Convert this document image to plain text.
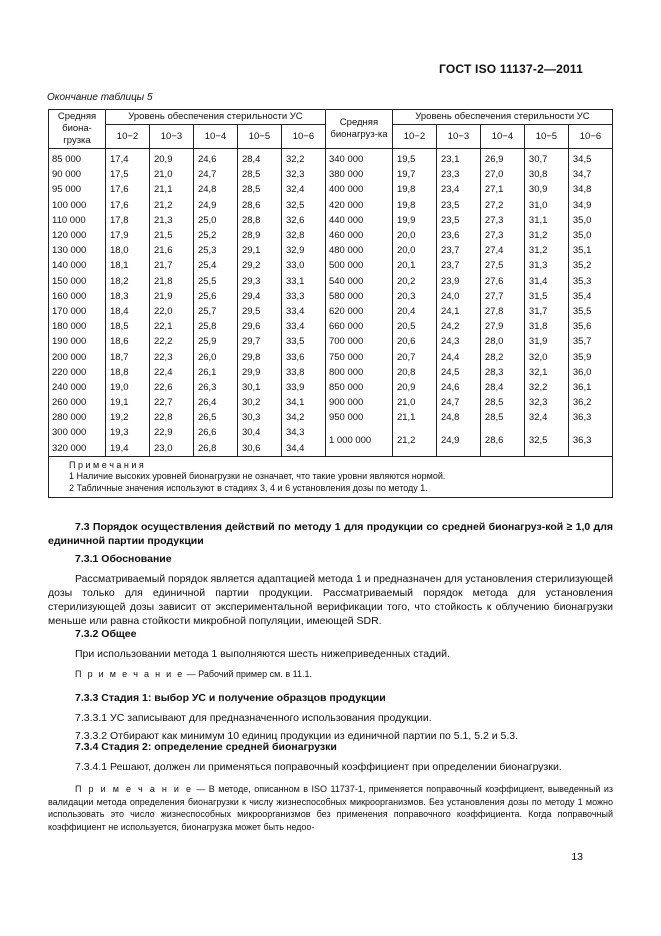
ГОСТ ISO 11137-2—2011
Окончание таблицы 5
Средняя биона-грузка	Уровень обеспечения стерильности УС					Средняя бионагруз-ка	Уровень обеспечения стерильности УС				
	10−2	10−3	10−4	10−5	10−6		10−2	10−3	10−4	10−5	10−6
85 000	17,4	20,9	24,6	28,4	32,2	340 000	19,5	23,1	26,9	30,7	34,5
90 000	17,5	21,0	24,7	28,5	32,3	380 000	19,7	23,3	27,0	30,8	34,7
95 000	17,6	21,1	24,8	28,5	32,4	400 000	19,8	23,4	27,1	30,9	34,8
100 000	17,6	21,2	24,9	28,6	32,5	420 000	19,8	23,5	27,2	31,0	34,9
110 000	17,8	21,3	25,0	28,8	32,6	440 000	19,9	23,5	27,3	31,1	35,0
120 000	17,9	21,5	25,2	28,9	32,8	460 000	20,0	23,6	27,3	31,2	35,0
130 000	18,0	21,6	25,3	29,1	32,9	480 000	20,0	23,7	27,4	31,2	35,1
140 000	18,1	21,7	25,4	29,2	33,0	500 000	20,1	23,7	27,5	31,3	35,2
150 000	18,2	21,8	25,5	29,3	33,1	540 000	20,2	23,9	27,6	31,4	35,3
160 000	18,3	21,9	25,6	29,4	33,3	580 000	20,3	24,0	27,7	31,5	35,4
170 000	18,4	22,0	25,7	29,5	33,4	620 000	20,4	24,1	27,8	31,7	35,5
180 000	18,5	22,1	25,8	29,6	33,4	660 000	20,5	24,2	27,9	31,8	35,6
190 000	18,6	22,2	25,9	29,7	33,5	700 000	20,6	24,3	28,0	31,9	35,7
200 000	18,7	22,3	26,0	29,8	33,6	750 000	20,7	24,4	28,2	32,0	35,9
220 000	18,8	22,4	26,1	29,9	33,8	800 000	20,8	24,5	28,3	32,1	36,0
240 000	19,0	22,6	26,3	30,1	33,9	850 000	20,9	24,6	28,4	32,2	36,1
260 000	19,1	22,7	26,4	30,2	34,1	900 000	21,0	24,7	28,5	32,3	36,2
280 000	19,2	22,8	26,5	30,3	34,2	950 000	21,1	24,8	28,5	32,4	36,3
300 000	19,3	22,9	26,6	30,4	34,3	1 000 000	21,2	24,9	28,6	32,5	36,3
320 000	19,4	23,0	26,8	30,6	34,4						

П р и м е ч а н и я
1 Наличие высоких уровней бионагрузки не означает, что такие уровни являются нормой.
2 Табличные значения используют в стадиях 3, 4 и 6 установления дозы по методу 1.											

7.3 Порядок осуществления действий по методу 1 для продукции со средней бионагруз-кой ≥ 1,0 для единичной партии продукции

7.3.1 Обоснование

Рассматриваемый порядок является адаптацией метода 1 и предназначен для установления стерилизующей дозы только для единичной партии продукции. Рассматриваемый порядок метода для установления стерилизующей дозы зависит от экспериментальной верификации того, что стойкость к облучению бионагрузки меньше или равна стойкости микробной популяции, имеющей SDR.

7.3.2 Общее

При использовании метода 1 выполняются шесть нижеприведенных стадий.

П р и м е ч а н и е — Рабочий пример см. в 11.1.

7.3.3 Стадия 1: выбор УС и получение образцов продукции

7.3.3.1 УС записывают для предназначенного использования продукции.

7.3.3.2 Отбирают как минимум 10 единиц продукции из единичной партии по 5.1, 5.2 и 5.3.

7.3.4 Стадия 2: определение средней бионагрузки

7.3.4.1 Решают, должен ли применяться поправочный коэффициент при определении бионагрузки.

П р и м е ч а н и е — В методе, описанном в ISO 11737-1, применяется поправочный коэффициент, выведенный из валидации метода определения бионагрузки к числу жизнеспособных микроорганизмов. Без установления дозы по методу 1 можно использовать это число жизнеспособных микроорганизмов без применения поправочного коэффициента. Когда поправочный коэффициент не используется, бионагрузка может быть недоо-

13
